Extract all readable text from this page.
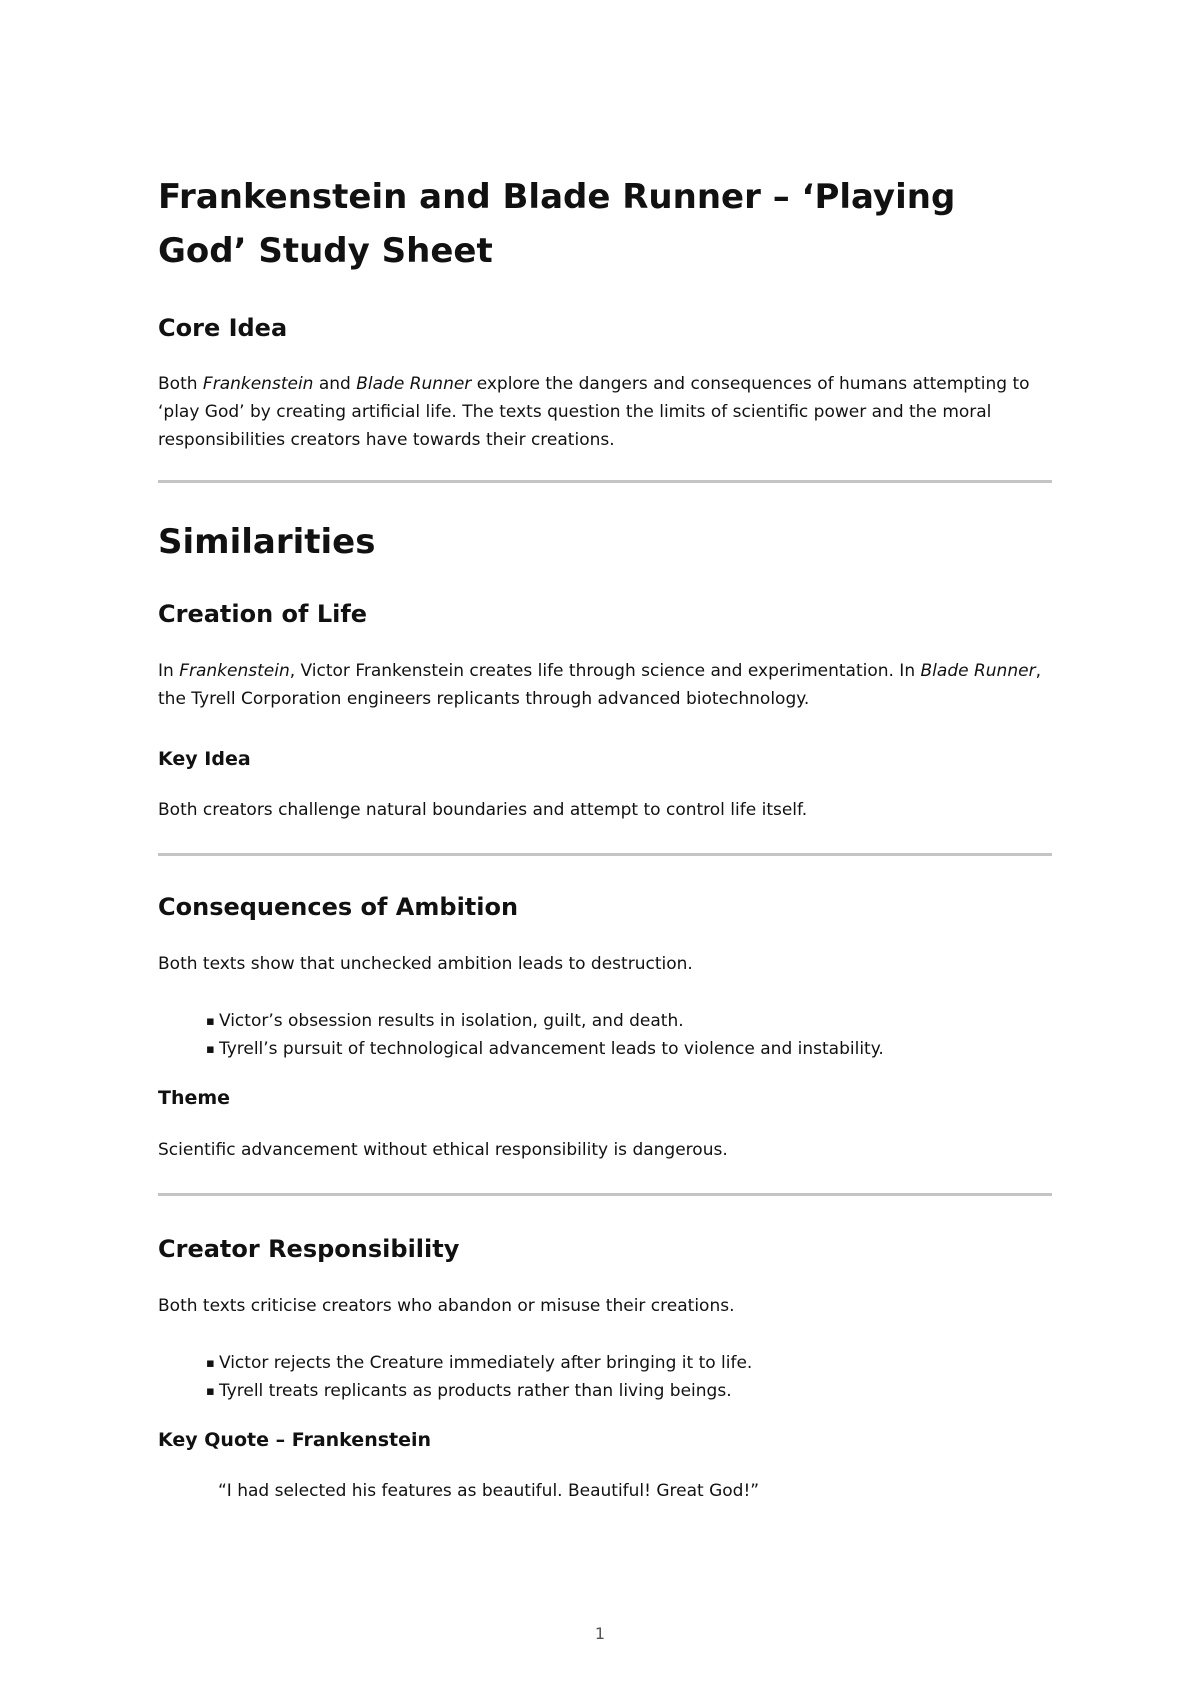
Frankenstein and Blade Runner – ‘Playing God’ Study Sheet
Core Idea

Both Frankenstein and Blade Runner explore the dangers and consequences of humans attempting to ‘play God’ by creating artificial life. The texts question the limits of scientific power and the moral responsibilities creators have towards their creations.

Similarities
Creation of Life

In Frankenstein, Victor Frankenstein creates life through science and experimentation. In Blade Runner, the Tyrell Corporation engineers replicants through advanced biotechnology.

Key Idea

Both creators challenge natural boundaries and attempt to control life itself.

Consequences of Ambition

Both texts show that unchecked ambition leads to destruction.

▪ Victor’s obsession results in isolation, guilt, and death.
▪ Tyrell’s pursuit of technological advancement leads to violence and instability.
Theme

Scientific advancement without ethical responsibility is dangerous.

Creator Responsibility

Both texts criticise creators who abandon or misuse their creations.

▪ Victor rejects the Creature immediately after bringing it to life.
▪ Tyrell treats replicants as products rather than living beings.
Key Quote – Frankenstein
“I had selected his features as beautiful. Beautiful! Great God!”
1
